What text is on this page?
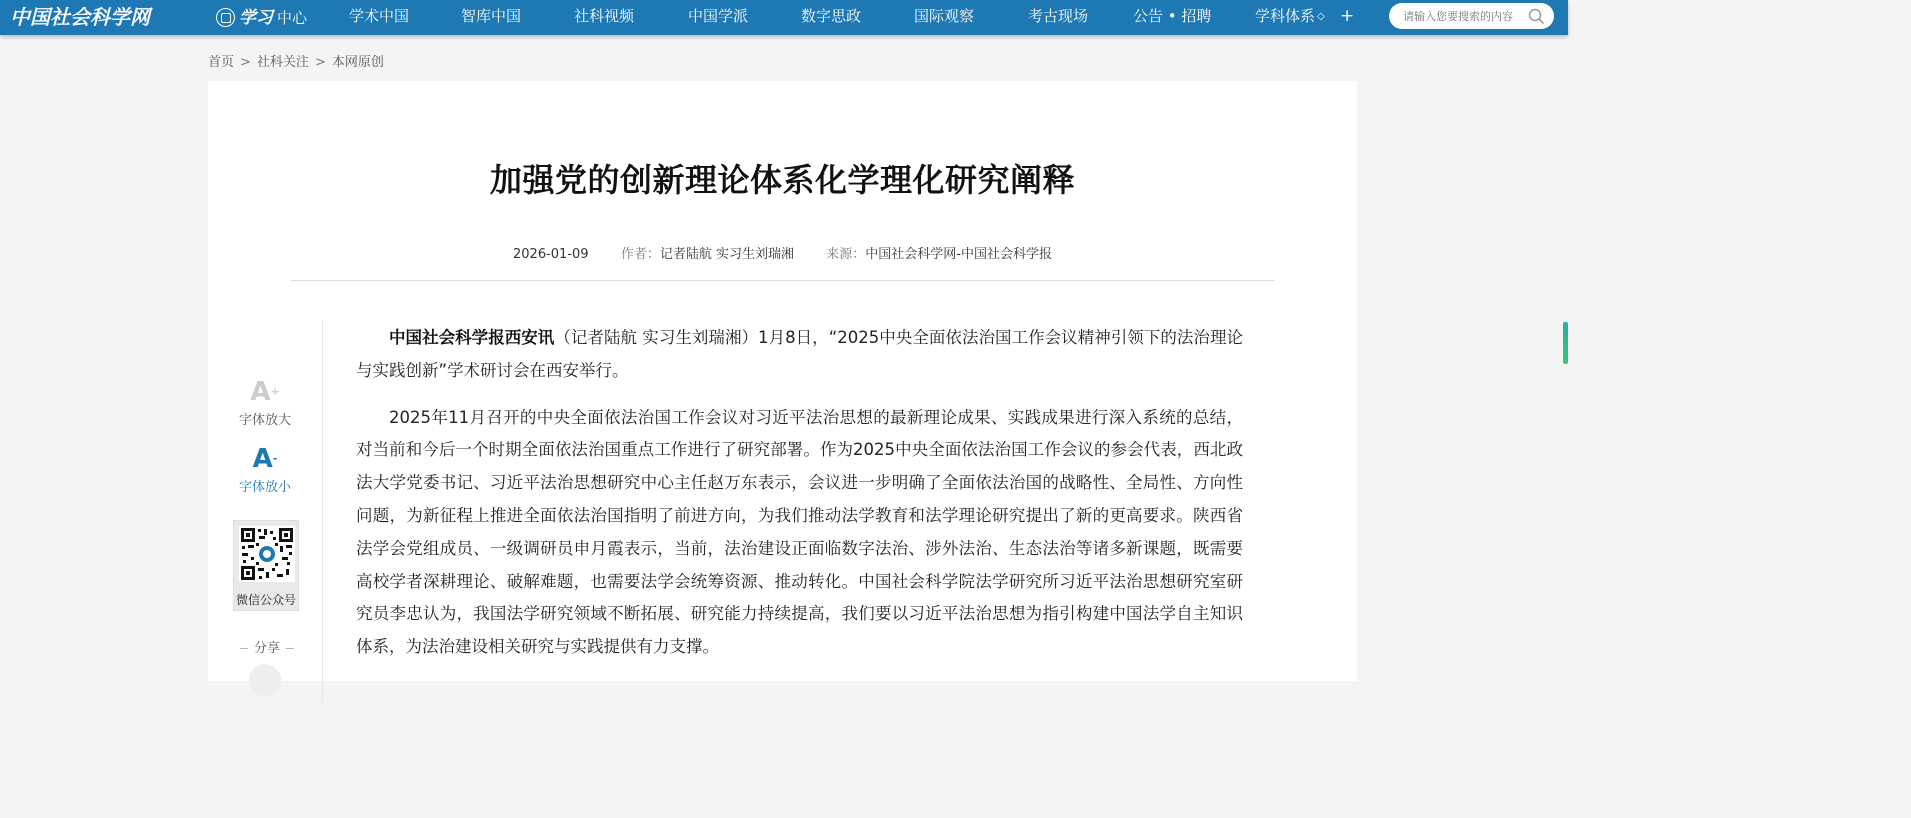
中国社会科学网	学习 中心	学术中国	智库中国	社科视频	中国学派	数字思政	国际观察	考古现场	公告 • 招聘	学科体系 ◇ +
请输入您要搜索的内容
首页 > 社科关注 > 本网原创
加强党的创新理论体系化学理化研究阐释
2026-01-09 作者：记者陆航 实习生刘瑞湘 来源：中国社会科学网-中国社会科学报
A+
字体放大
A-
字体放小
微信公众号
分享

中国社会科学报西安讯（记者陆航 实习生刘瑞湘）1月8日，“2025中央全面依法治国工作会议精神引领下的法治理论与实践创新”学术研讨会在西安举行。

2025年11月召开的中央全面依法治国工作会议对习近平法治思想的最新理论成果、实践成果进行深入系统的总结，对当前和今后一个时期全面依法治国重点工作进行了研究部署。作为2025中央全面依法治国工作会议的参会代表，西北政法大学党委书记、习近平法治思想研究中心主任赵万东表示，会议进一步明确了全面依法治国的战略性、全局性、方向性问题，为新征程上推进全面依法治国指明了前进方向，为我们推动法学教育和法学理论研究提出了新的更高要求。陕西省法学会党组成员、一级调研员申月霞表示，当前，法治建设正面临数字法治、涉外法治、生态法治等诸多新课题，既需要高校学者深耕理论、破解难题，也需要法学会统筹资源、推动转化。中国社会科学院法学研究所习近平法治思想研究室研究员李忠认为，我国法学研究领域不断拓展、研究能力持续提高，我们要以习近平法治思想为指引构建中国法学自主知识体系，为法治建设相关研究与实践提供有力支撑。
